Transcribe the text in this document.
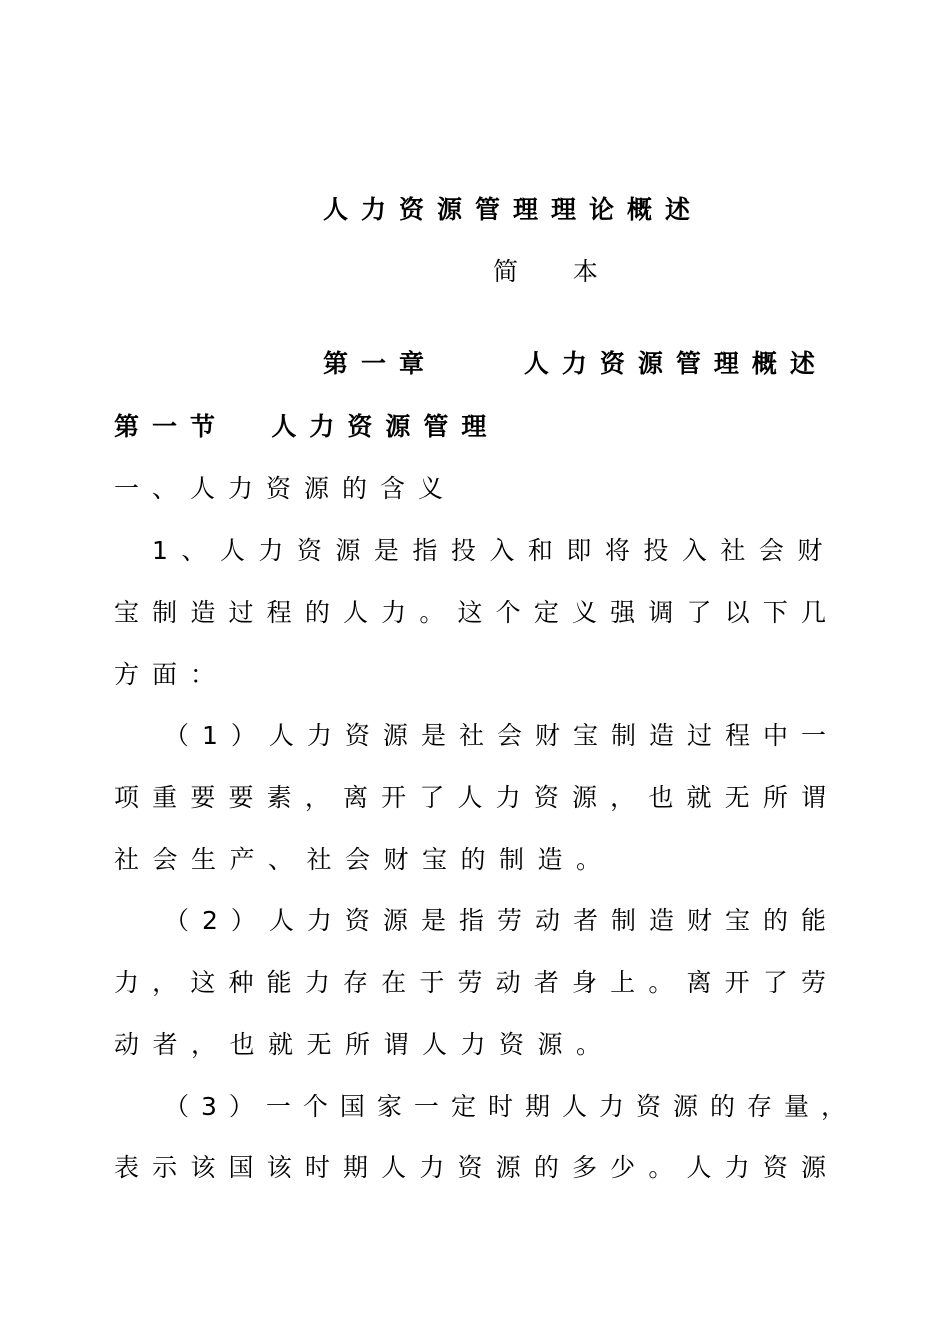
人力资源管理理论概述
简  本
第一章    人力资源管理概述
第一节  人力资源管理
一、人力资源的含义
1、人力资源是指投入和即将投入社会财
宝制造过程的人力。这个定义强调了以下几
方面：
（1）人力资源是社会财宝制造过程中一
项重要要素，离开了人力资源，也就无所谓
社会生产、社会财宝的制造。
（2）人力资源是指劳动者制造财宝的能
力，这种能力存在于劳动者身上。离开了劳
动者，也就无所谓人力资源。
（3）一个国家一定时期人力资源的存量，
表示该国该时期人力资源的多少。人力资源
